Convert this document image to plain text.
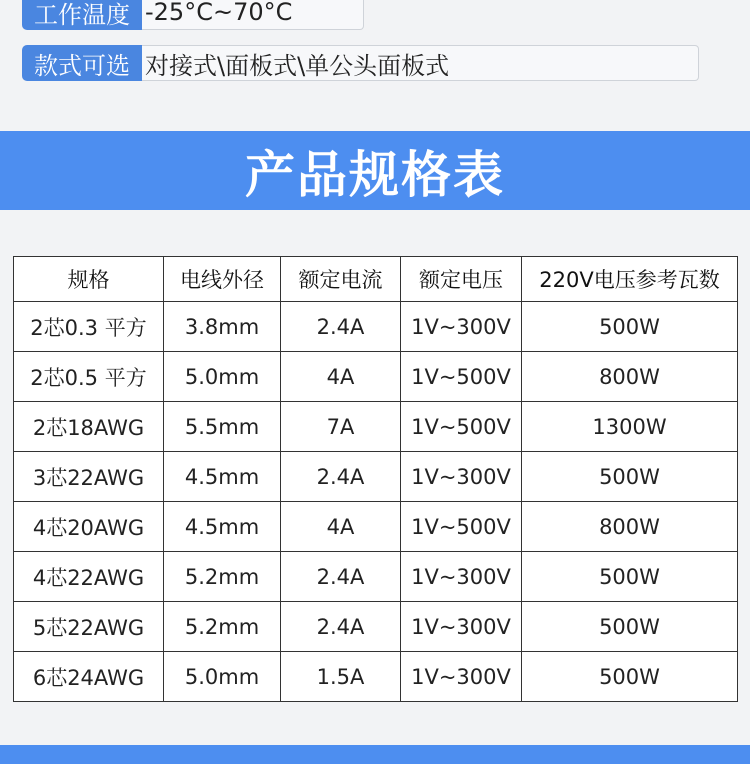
工作温度 -25°C~70°C
款式可选 对接式\面板式\单公头面板式
产品规格表
规格	电线外径	额定电流	额定电压	220V电压参考瓦数
2芯0.3 平方	3.8mm	2.4A	1V~300V	500W
2芯0.5 平方	5.0mm	4A	1V~500V	800W
2芯18AWG	5.5mm	7A	1V~500V	1300W
3芯22AWG	4.5mm	2.4A	1V~300V	500W
4芯20AWG	4.5mm	4A	1V~500V	800W
4芯22AWG	5.2mm	2.4A	1V~300V	500W
5芯22AWG	5.2mm	2.4A	1V~300V	500W
6芯24AWG	5.0mm	1.5A	1V~300V	500W
